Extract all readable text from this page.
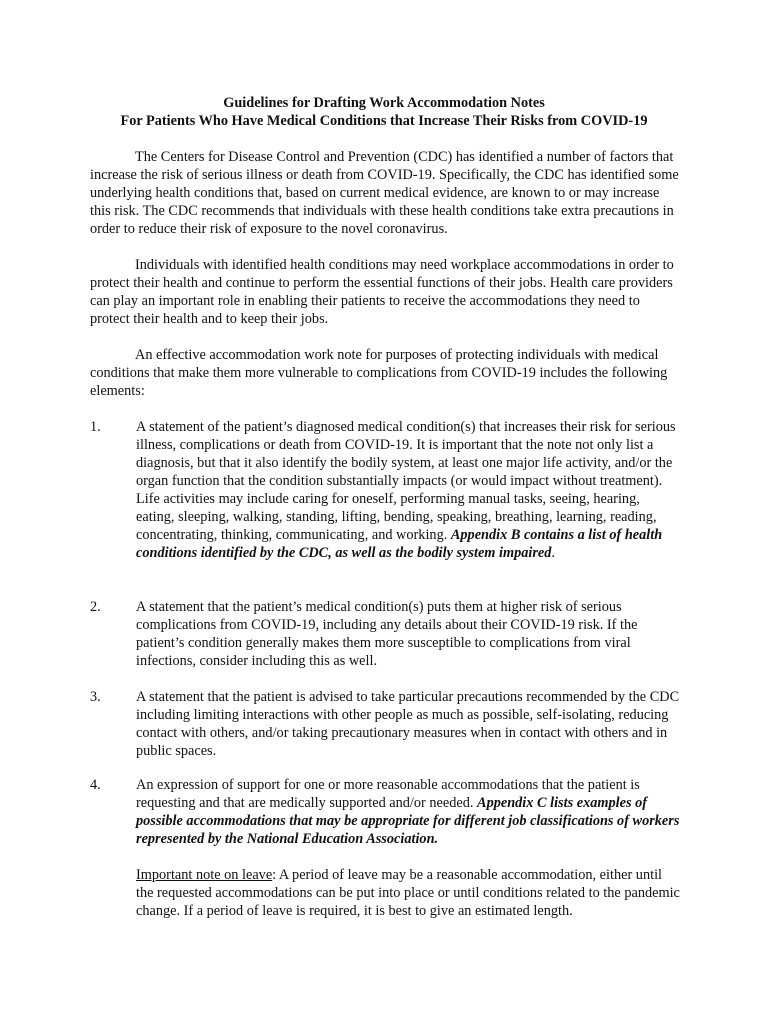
Guidelines for Drafting Work Accommodation Notes
For Patients Who Have Medical Conditions that Increase Their Risks from COVID-19

The Centers for Disease Control and Prevention (CDC) has identified a number of factors that increase the risk of serious illness or death from COVID-19. Specifically, the CDC has identified some underlying health conditions that, based on current medical evidence, are known to or may increase this risk. The CDC recommends that individuals with these health conditions take extra precautions in order to reduce their risk of exposure to the novel coronavirus.

Individuals with identified health conditions may need workplace accommodations in order to protect their health and continue to perform the essential functions of their jobs. Health care providers can play an important role in enabling their patients to receive the accommodations they need to protect their health and to keep their jobs.

An effective accommodation work note for purposes of protecting individuals with medical conditions that make them more vulnerable to complications from COVID-19 includes the following elements:

1.	A statement of the patient’s diagnosed medical condition(s) that increases their risk for serious illness, complications or death from COVID-19. It is important that the note not only list a diagnosis, but that it also identify the bodily system, at least one major life activity, and/or the organ function that the condition substantially impacts (or would impact without treatment). Life activities may include caring for oneself, performing manual tasks, seeing, hearing, eating, sleeping, walking, standing, lifting, bending, speaking, breathing, learning, reading, concentrating, thinking, communicating, and working. Appendix B contains a list of health conditions identified by the CDC, as well as the bodily system impaired.
2.	A statement that the patient’s medical condition(s) puts them at higher risk of serious complications from COVID-19, including any details about their COVID-19 risk. If the patient’s condition generally makes them more susceptible to complications from viral infections, consider including this as well.
3.	A statement that the patient is advised to take particular precautions recommended by the CDC including limiting interactions with other people as much as possible, self-isolating, reducing contact with others, and/or taking precautionary measures when in contact with others and in public spaces.
4.	An expression of support for one or more reasonable accommodations that the patient is requesting and that are medically supported and/or needed. Appendix C lists examples of possible accommodations that may be appropriate for different job classifications of workers represented by the National Education Association.
Important note on leave: A period of leave may be a reasonable accommodation, either until the requested accommodations can be put into place or until conditions related to the pandemic change. If a period of leave is required, it is best to give an estimated length.
